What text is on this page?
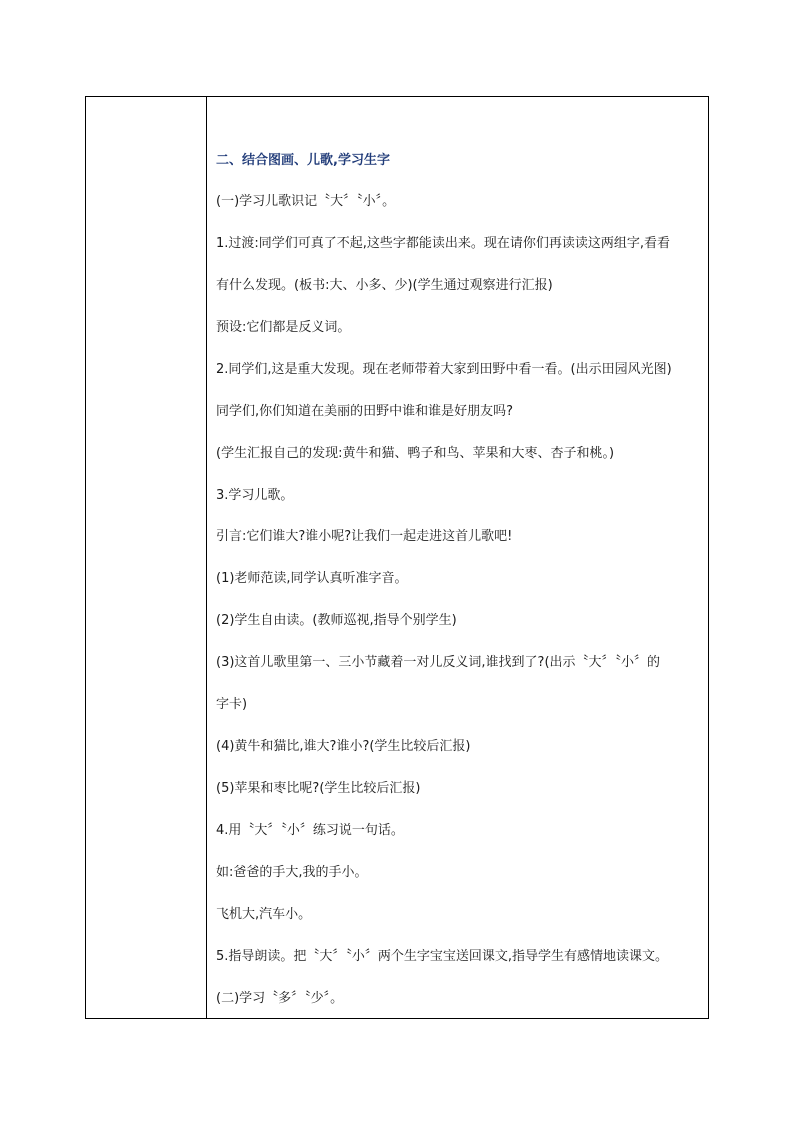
二、结合图画、儿歌,学习生字
(一)学习儿歌识记〝大〞〝小〞。
1.过渡:同学们可真了不起,这些字都能读出来。现在请你们再读读这两组字,看看
有什么发现。(板书:大、小多、少)(学生通过观察进行汇报)
预设:它们都是反义词。
2.同学们,这是重大发现。现在老师带着大家到田野中看一看。(出示田园风光图)
同学们,你们知道在美丽的田野中谁和谁是好朋友吗?
(学生汇报自己的发现:黄牛和猫、鸭子和鸟、苹果和大枣、杏子和桃。)
3.学习儿歌。
引言:它们谁大?谁小呢?让我们一起走进这首儿歌吧!
(1)老师范读,同学认真听准字音。
(2)学生自由读。(教师巡视,指导个别学生)
(3)这首儿歌里第一、三小节藏着一对儿反义词,谁找到了?(出示〝大〞〝小〞的
字卡)
(4)黄牛和猫比,谁大?谁小?(学生比较后汇报)
(5)苹果和枣比呢?(学生比较后汇报)
4.用〝大〞〝小〞练习说一句话。
如:爸爸的手大,我的手小。
飞机大,汽车小。
5.指导朗读。把〝大〞〝小〞两个生字宝宝送回课文,指导学生有感情地读课文。
(二)学习〝多〞〝少〞。
